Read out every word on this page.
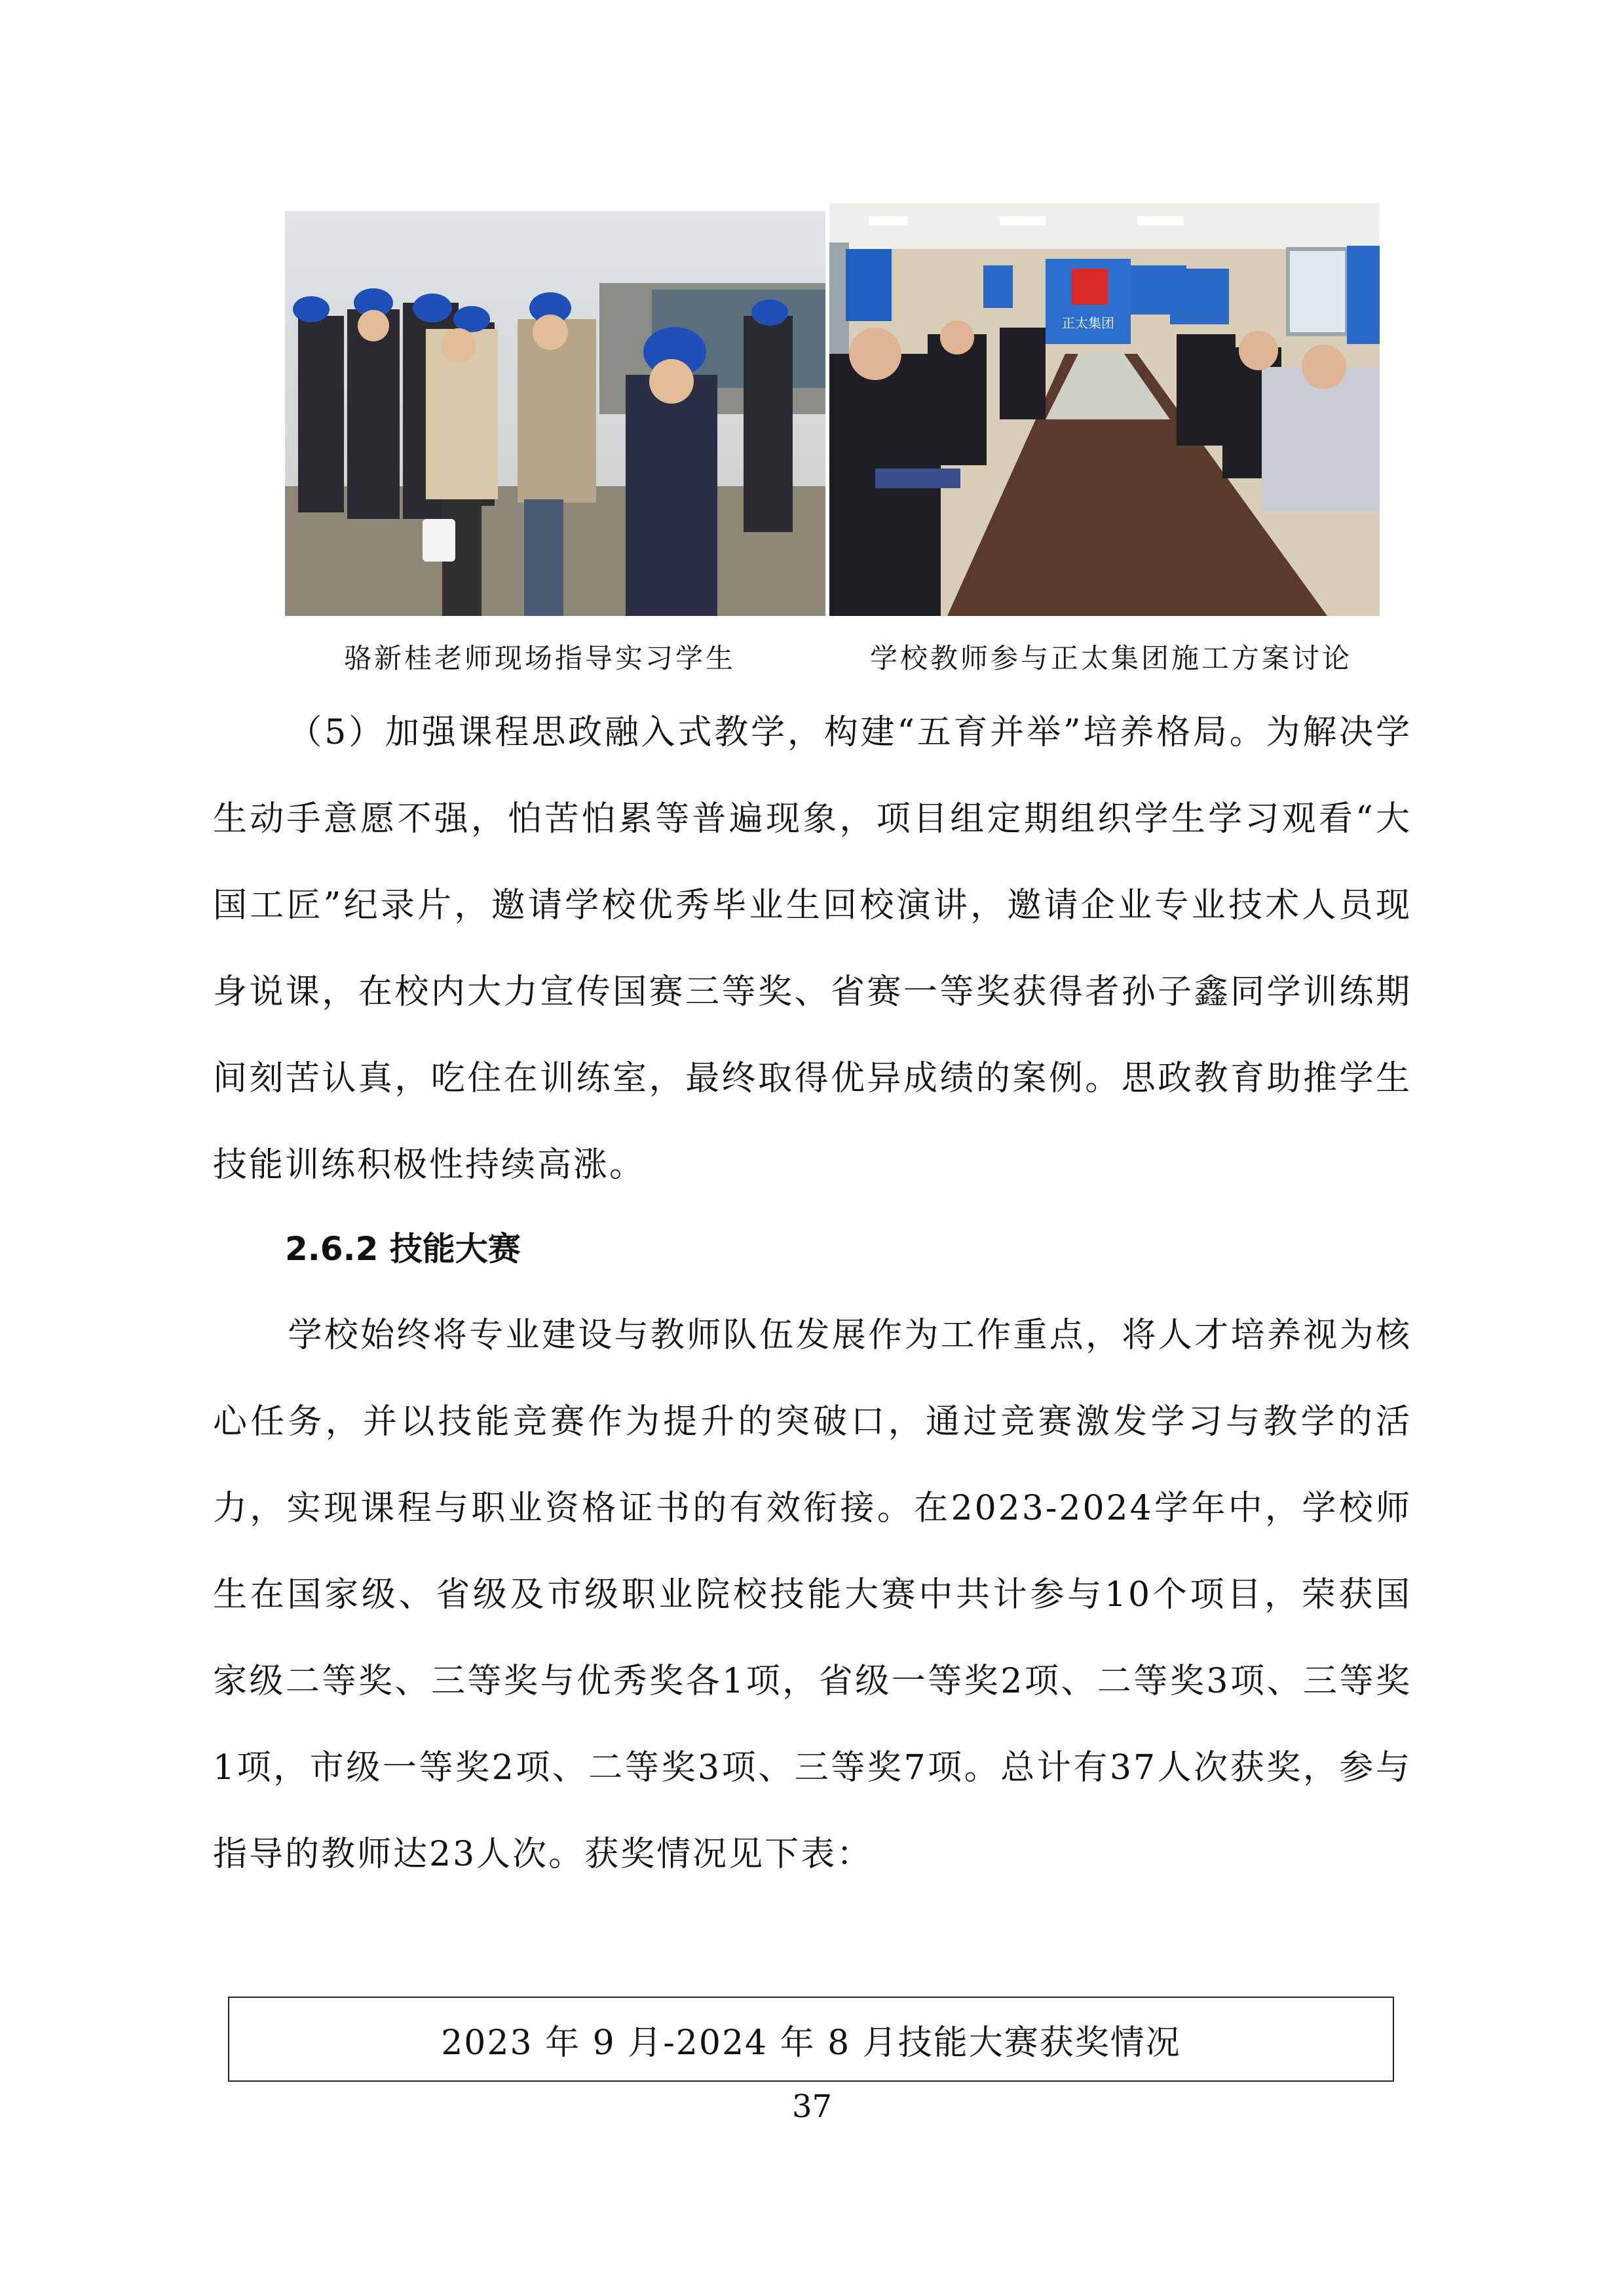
正太集团
骆新桂老师现场指导实习学生	学校教师参与正太集团施工方案讨论

（5）加强课程思政融入式教学，构建“五育并举”培养格局。为解决学生动手意愿不强，怕苦怕累等普遍现象，项目组定期组织学生学习观看“大国工匠”纪录片，邀请学校优秀毕业生回校演讲，邀请企业专业技术人员现身说课，在校内大力宣传国赛三等奖、省赛一等奖获得者孙子鑫同学训练期间刻苦认真，吃住在训练室，最终取得优异成绩的案例。思政教育助推学生技能训练积极性持续高涨。

2.6.2 技能大赛

学校始终将专业建设与教师队伍发展作为工作重点，将人才培养视为核心任务，并以技能竞赛作为提升的突破口，通过竞赛激发学习与教学的活力，实现课程与职业资格证书的有效衔接。在2023-2024学年中，学校师生在国家级、省级及市级职业院校技能大赛中共计参与10个项目，荣获国家级二等奖、三等奖与优秀奖各1项，省级一等奖2项、二等奖3项、三等奖1项，市级一等奖2项、二等奖3项、三等奖7项。总计有37人次获奖，参与指导的教师达23人次。获奖情况见下表：

2023 年 9 月-2024 年 8 月技能大赛获奖情况
37
